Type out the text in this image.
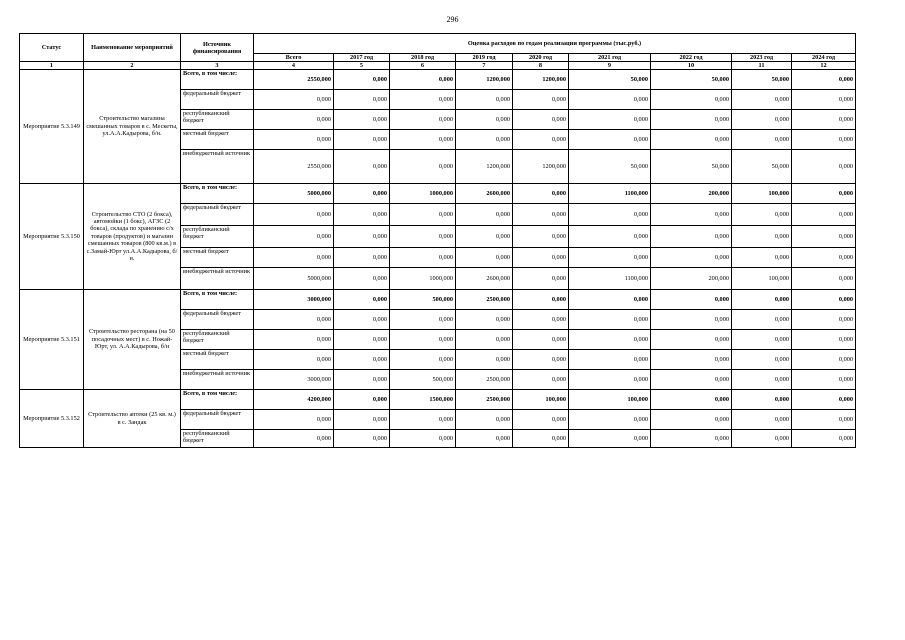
296
Статус	Наименование мероприятий	Источник финансирования	Оценка расходов по годам реализации программы (тыс.руб.)								
			Всего	2017 год	2018 год	2019 год	2020 год	2021 год	2022 год	2023 год	2024 год
1	2	3	4	5	6	7	8	9	10	11	12
Мероприятие 5.3.149	Строительство магазина смешанных товаров в с. Мескеты, ул.А.А.Кадырова, б/н.	Всего, в том числе:	2550,000	0,000	0,000	1200,000	1200,000	50,000	50,000	50,000	0,000
		федеральный бюджет	0,000	0,000	0,000	0,000	0,000	0,000	0,000	0,000	0,000
		республиканский бюджет	0,000	0,000	0,000	0,000	0,000	0,000	0,000	0,000	0,000
		местный бюджет	0,000	0,000	0,000	0,000	0,000	0,000	0,000	0,000	0,000
		внебюджетный источник	2550,000	0,000	0,000	1200,000	1200,000	50,000	50,000	50,000	0,000
Мероприятие 5.3.150	Строительство СТО (2 бокса), автомойки (1 бокс), АГЗС (2 бокса), склада по хранению с/х товаров (продуктов) и магазин смешанных товаров (800 кв.м.) в с.Замай-Юрт ул.А.А.Кадырова, б/н.	Всего, в том числе:	5000,000	0,000	1000,000	2600,000	0,000	1100,000	200,000	100,000	0,000
		федеральный бюджет	0,000	0,000	0,000	0,000	0,000	0,000	0,000	0,000	0,000
		республиканский бюджет	0,000	0,000	0,000	0,000	0,000	0,000	0,000	0,000	0,000
		местный бюджет	0,000	0,000	0,000	0,000	0,000	0,000	0,000	0,000	0,000
		внебюджетный источник	5000,000	0,000	1000,000	2600,000	0,000	1100,000	200,000	100,000	0,000
Мероприятие 5.3.151	Строительство ресторана (на 50 посадочных мест) в с. Ножай-Юрт, ул. А.А.Кадырова, б/н	Всего, в том числе:	3000,000	0,000	500,000	2500,000	0,000	0,000	0,000	0,000	0,000
		федеральный бюджет	0,000	0,000	0,000	0,000	0,000	0,000	0,000	0,000	0,000
		республиканский бюджет	0,000	0,000	0,000	0,000	0,000	0,000	0,000	0,000	0,000
		местный бюджет	0,000	0,000	0,000	0,000	0,000	0,000	0,000	0,000	0,000
		внебюджетный источник	3000,000	0,000	500,000	2500,000	0,000	0,000	0,000	0,000	0,000
Мероприятие 5.3.152	Строительство аптеки (25 кв. м.) в с. Зандак	Всего, в том числе:	4200,000	0,000	1500,000	2500,000	100,000	100,000	0,000	0,000	0,000
		федеральный бюджет	0,000	0,000	0,000	0,000	0,000	0,000	0,000	0,000	0,000
		республиканский бюджет	0,000	0,000	0,000	0,000	0,000	0,000	0,000	0,000	0,000
